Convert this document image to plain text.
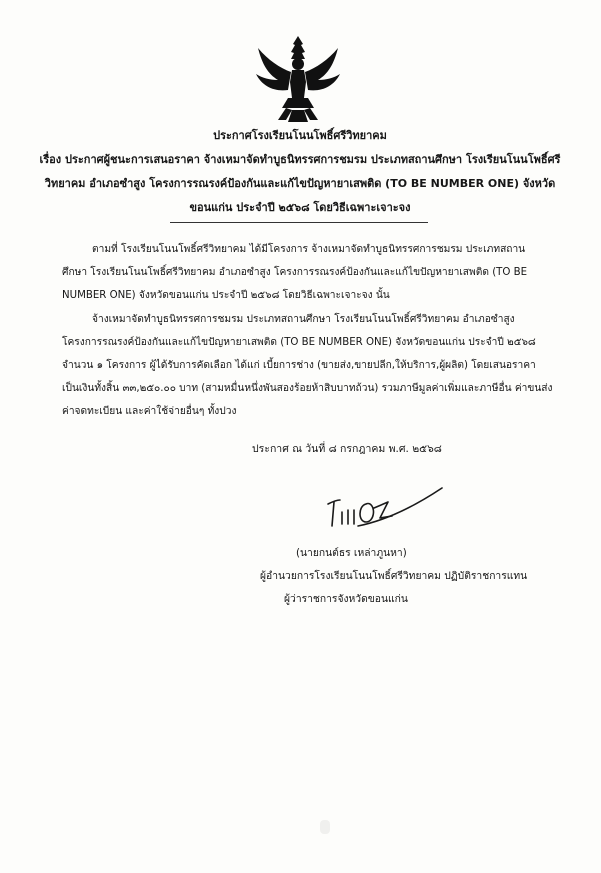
ประกาศโรงเรียนโนนโพธิ์ศรีวิทยาคม
เรื่อง ประกาศผู้ชนะการเสนอราคา จ้างเหมาจัดทำบูธนิทรรศการชมรม ประเภทสถานศึกษา โรงเรียนโนนโพธิ์ศรี
วิทยาคม อำเภอซำสูง โครงการรณรงค์ป้องกันและแก้ไขปัญหายาเสพติด (TO BE NUMBER ONE) จังหวัด
ขอนแก่น ประจำปี ๒๕๖๘ โดยวิธีเฉพาะเจาะจง
ตามที่ โรงเรียนโนนโพธิ์ศรีวิทยาคม ได้มีโครงการ จ้างเหมาจัดทำบูธนิทรรศการชมรม ประเภทสถาน
ศึกษา โรงเรียนโนนโพธิ์ศรีวิทยาคม อำเภอซำสูง โครงการรณรงค์ป้องกันและแก้ไขปัญหายาเสพติด (TO BE
NUMBER ONE) จังหวัดขอนแก่น ประจำปี ๒๕๖๘ โดยวิธีเฉพาะเจาะจง นั้น
จ้างเหมาจัดทำบูธนิทรรศการชมรม ประเภทสถานศึกษา โรงเรียนโนนโพธิ์ศรีวิทยาคม อำเภอซำสูง
โครงการรณรงค์ป้องกันและแก้ไขปัญหายาเสพติด (TO BE NUMBER ONE) จังหวัดขอนแก่น ประจำปี ๒๕๖๘
จำนวน ๑ โครงการ ผู้ได้รับการคัดเลือก ได้แก่ เบี้ยการช่าง (ขายส่ง,ขายปลีก,ให้บริการ,ผู้ผลิต) โดยเสนอราคา
เป็นเงินทั้งสิ้น ๓๓,๒๕๐.๐๐ บาท (สามหมื่นหนึ่งพันสองร้อยห้าสิบบาทถ้วน) รวมภาษีมูลค่าเพิ่มและภาษีอื่น ค่าขนส่ง
ค่าจดทะเบียน และค่าใช้จ่ายอื่นๆ ทั้งปวง
ประกาศ ณ วันที่ ๘ กรกฎาคม พ.ศ. ๒๕๖๘
(นายกนต์ธร เหล่าภูนหา)
ผู้อำนวยการโรงเรียนโนนโพธิ์ศรีวิทยาคม ปฏิบัติราชการแทน
ผู้ว่าราชการจังหวัดขอนแก่น
